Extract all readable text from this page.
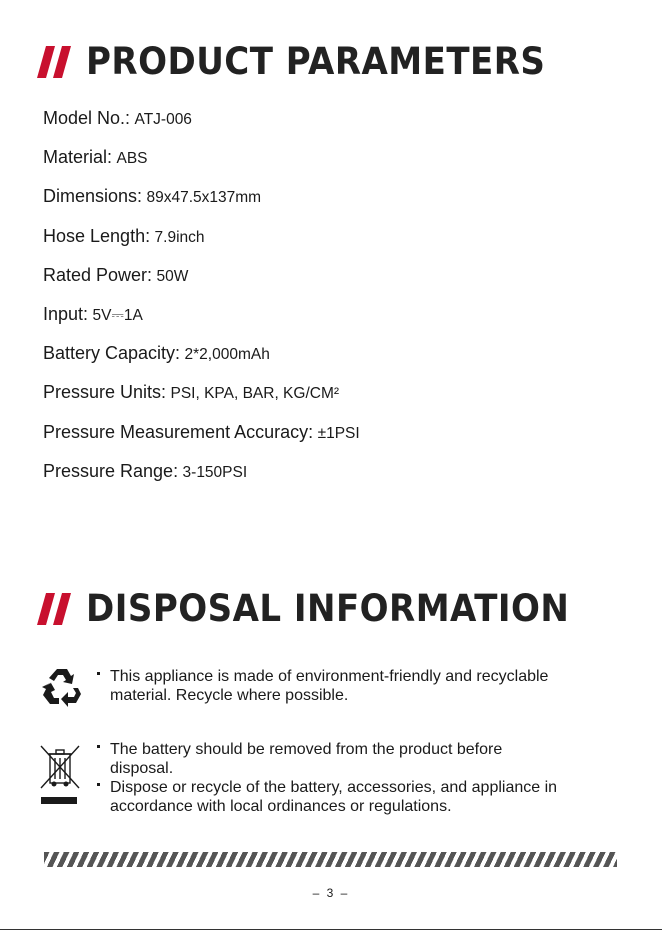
PRODUCT PARAMETERS
Model No.: ATJ-006
Material: ABS
Dimensions: 89x47.5x137mm
Hose Length: 7.9inch
Rated Power: 50W
Input: 5V⎓1A
Battery Capacity: 2*2,000mAh
Pressure Units: PSI, KPA, BAR, KG/CM²
Pressure Measurement Accuracy: ±1PSI
Pressure Range: 3-150PSI
DISPOSAL INFORMATION
This appliance is made of environment-friendly and recyclable
material. Recycle where possible.
The battery should be removed from the product before
disposal.
Dispose or recycle of the battery, accessories, and appliance in
accordance with local ordinances or regulations.
– 3 –
